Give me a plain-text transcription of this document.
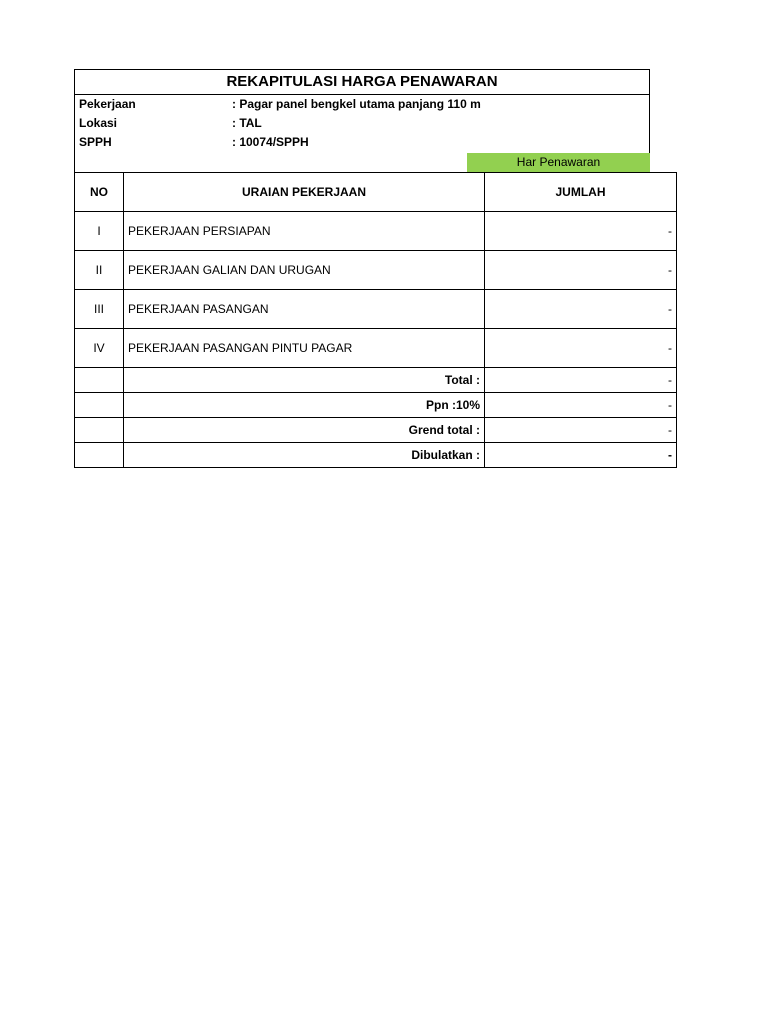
REKAPITULASI HARGA PENAWARAN
Pekerjaan	: Pagar panel bengkel utama panjang 110 m
Lokasi	: TAL
SPPH	: 10074/SPPH
Har Penawaran
NO	URAIAN PEKERJAAN	JUMLAH
I	PEKERJAAN PERSIAPAN	-
II	PEKERJAAN GALIAN DAN URUGAN	-
III	PEKERJAAN PASANGAN	-
IV	PEKERJAAN PASANGAN PINTU PAGAR	-
	Total :	-
	Ppn :10%	-
	Grend total :	-
	Dibulatkan :	-
